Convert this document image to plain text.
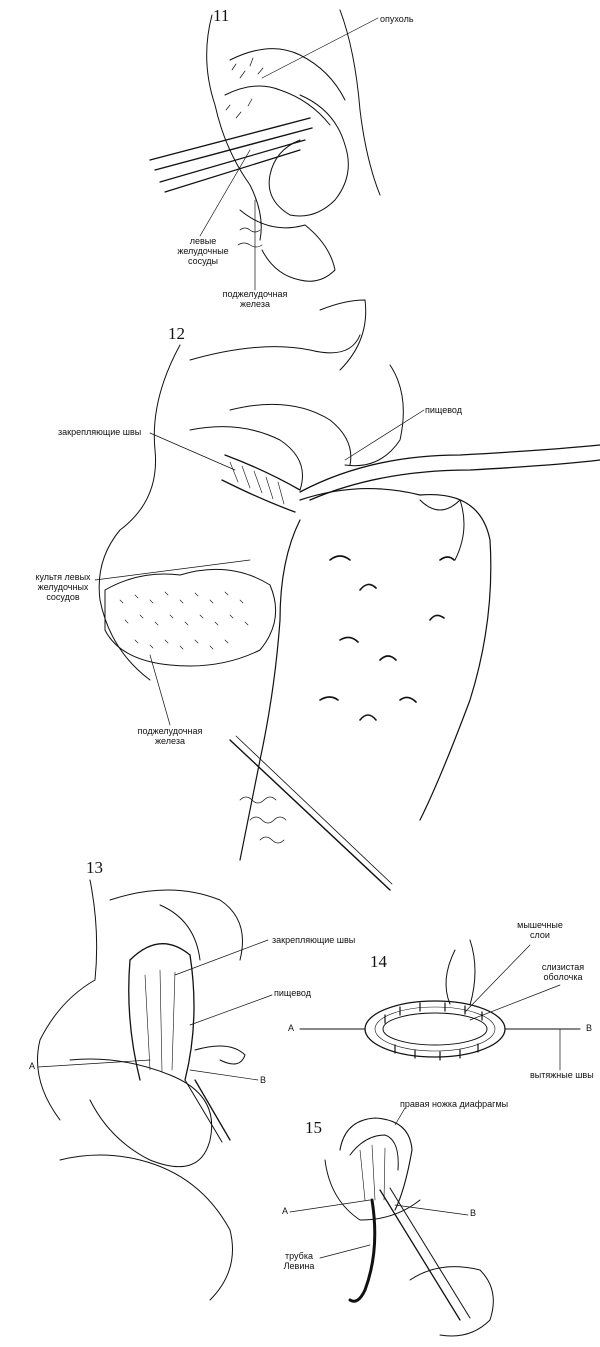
11
12
13
14
15
опухоль
левые
желудочные
сосуды
поджелудочная
железа
пищевод
закрепляющие швы
культя левых
желудочных
сосудов
поджелудочная
железа
закрепляющие швы
пищевод
A
B
мышечные
слои
слизистая
оболочка
A	B
вытяжные швы
правая ножка диафрагмы
A	B
трубка
Левина
